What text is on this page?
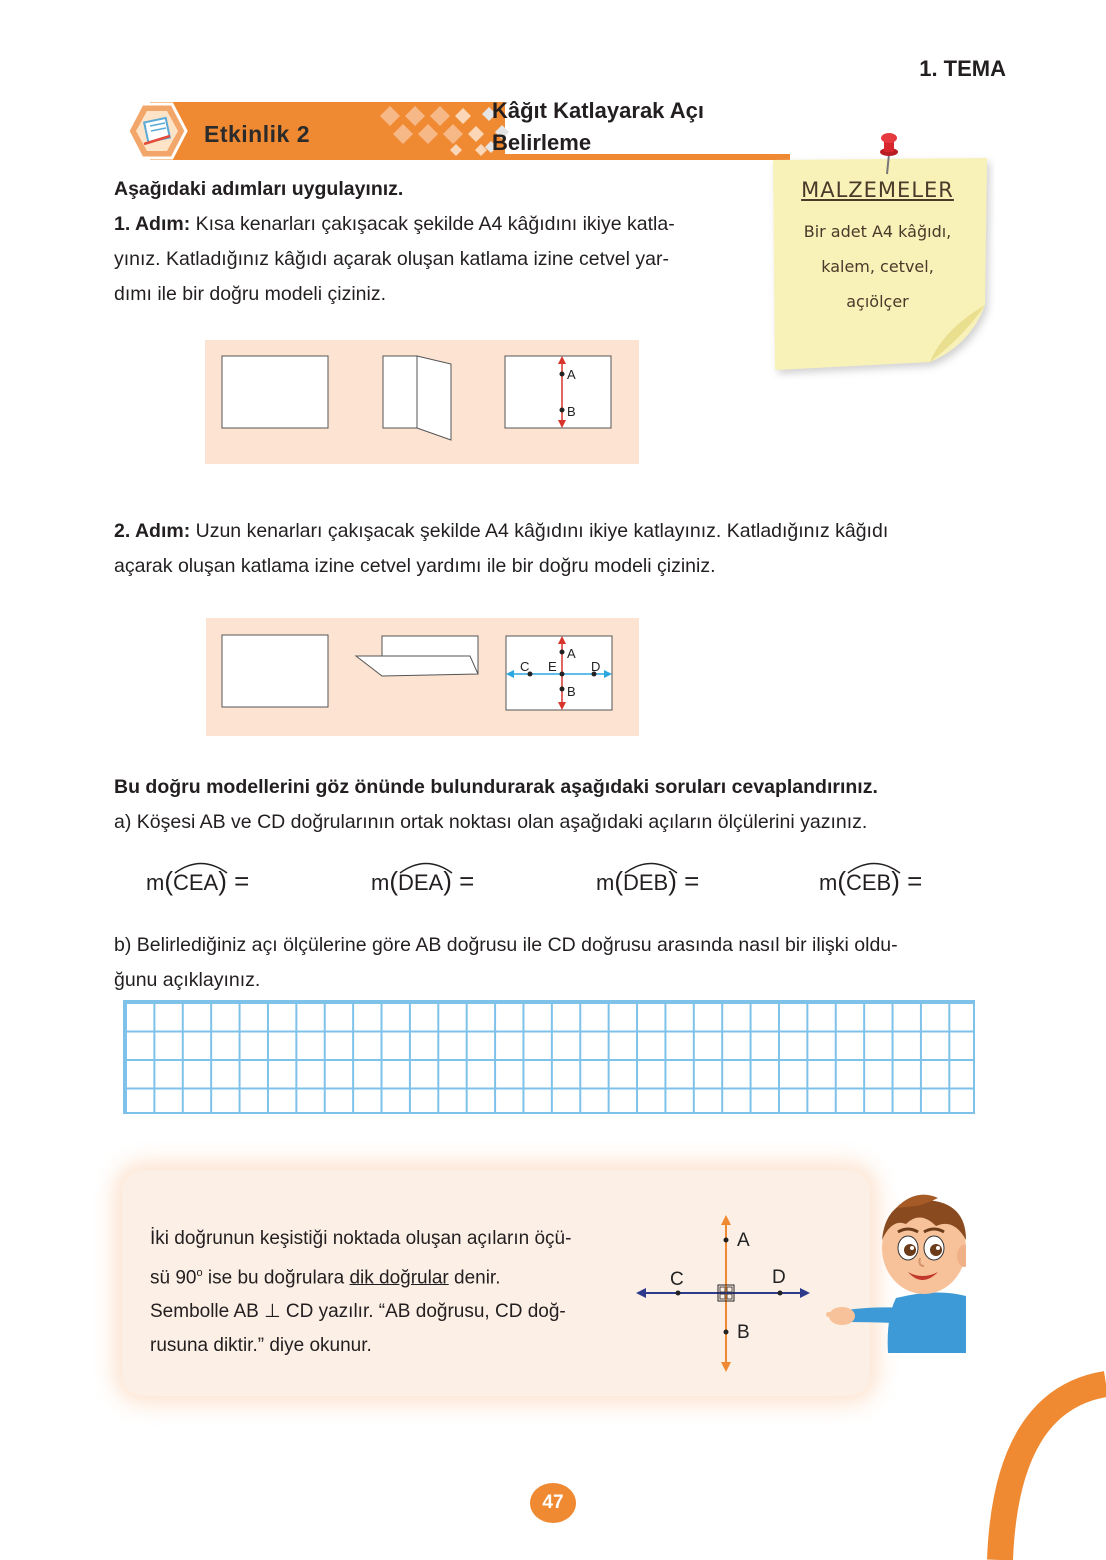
1. TEMA
Etkinlik 2
Kâğıt Katlayarak Açı
Belirleme
MALZEMELER
Bir adet A4 kâğıdı,
kalem, cetvel,
açıölçer
Aşağıdaki adımları uygulayınız.
1. Adım: Kısa kenarları çakışacak şekilde A4 kâğıdını ikiye katla-
yınız. Katladığınız kâğıdı açarak oluşan katlama izine cetvel yar-
dımı ile bir doğru modeli çiziniz.
A
B
2. Adım: Uzun kenarları çakışacak şekilde A4 kâğıdını ikiye katlayınız. Katladığınız kâğıdı
açarak oluşan katlama izine cetvel yardımı ile bir doğru modeli çiziniz.
A
B
C E	D
Bu doğru modellerini göz önünde bulundurarak aşağıdaki soruları cevaplandırınız.
a) Köşesi AB ve CD doğrularının ortak noktası olan aşağıdaki açıların ölçülerini yazınız.
m(
CEA) =	m(
DEA) =	m(
DEB) =	m(
CEB) =
b) Belirlediğiniz açı ölçülerine göre AB doğrusu ile CD doğrusu arasında nasıl bir ilişki oldu-
ğunu açıklayınız.
İki doğrunun keşistiği noktada oluşan açıların öçü-
sü 90$^o$ ise bu doğrulara dik doğrular denir.
Sembolle AB ⊥ CD yazılır. “AB doğrusu, CD doğ-
rusuna diktir.” diye okunur.
A
B
C	D
47
